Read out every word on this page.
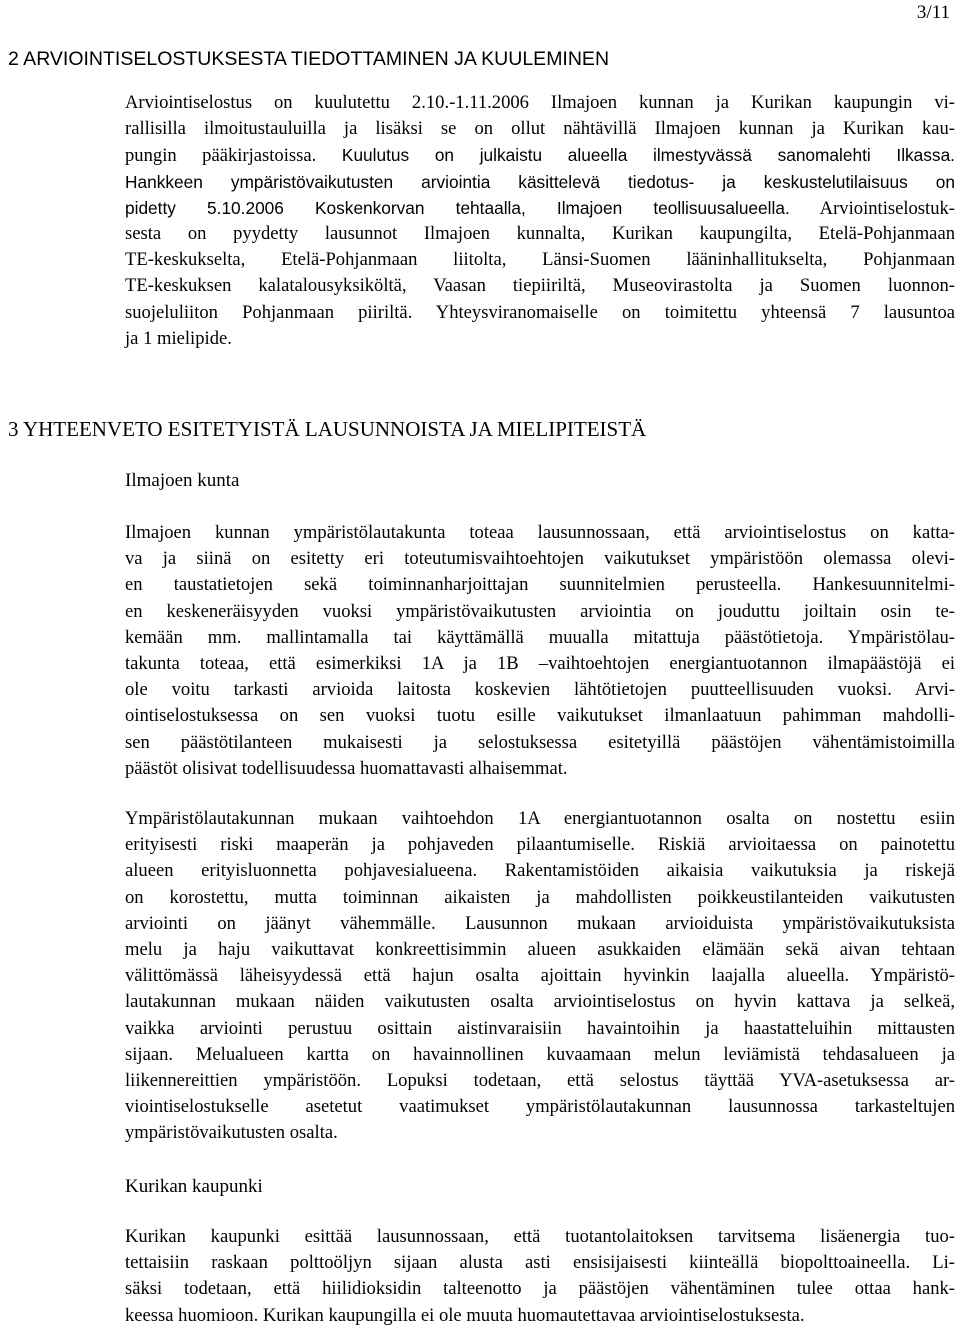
3/11
2 ARVIOINTISELOSTUKSESTA TIEDOTTAMINEN JA KUULEMINEN
Arviointiselostus on kuulutettu 2.10.-1.11.2006 Ilmajoen kunnan ja Kurikan kaupungin vi-
rallisilla ilmoitustauluilla ja lisäksi se on ollut nähtävillä Ilmajoen kunnan ja Kurikan kau-
pungin pääkirjastoissa. Kuulutus on julkaistu alueella ilmestyvässä sanomalehti Ilkassa.
Hankkeen ympäristövaikutusten arviointia käsittelevä tiedotus- ja keskustelutilaisuus on
pidetty 5.10.2006 Koskenkorvan tehtaalla, Ilmajoen teollisuusalueella. Arviointiselostuk-
sesta on pyydetty lausunnot Ilmajoen kunnalta, Kurikan kaupungilta, Etelä-Pohjanmaan
TE-keskukselta, Etelä-Pohjanmaan liitolta, Länsi-Suomen lääninhallitukselta, Pohjanmaan
TE-keskuksen kalatalousyksiköltä, Vaasan tiepiiriltä, Museovirastolta ja Suomen luonnon-
suojeluliiton Pohjanmaan piiriltä. Yhteysviranomaiselle on toimitettu yhteensä 7 lausuntoa
ja 1 mielipide.
3 YHTEENVETO ESITETYISTÄ LAUSUNNOISTA JA MIELIPITEISTÄ
Ilmajoen kunta
Ilmajoen kunnan ympäristölautakunta toteaa lausunnossaan, että arviointiselostus on katta-
va ja siinä on esitetty eri toteutumisvaihtoehtojen vaikutukset ympäristöön olemassa olevi-
en taustatietojen sekä toiminnanharjoittajan suunnitelmien perusteella. Hankesuunnitelmi-
en keskeneräisyyden vuoksi ympäristövaikutusten arviointia on jouduttu joiltain osin te-
kemään mm. mallintamalla tai käyttämällä muualla mitattuja päästötietoja. Ympäristölau-
takunta toteaa, että esimerkiksi 1A ja 1B –vaihtoehtojen energiantuotannon ilmapäästöjä ei
ole voitu tarkasti arvioida laitosta koskevien lähtötietojen puutteellisuuden vuoksi. Arvi-
ointiselostuksessa on sen vuoksi tuotu esille vaikutukset ilmanlaatuun pahimman mahdolli-
sen päästötilanteen mukaisesti ja selostuksessa esitetyillä päästöjen vähentämistoimilla
päästöt olisivat todellisuudessa huomattavasti alhaisemmat.
Ympäristölautakunnan mukaan vaihtoehdon 1A energiantuotannon osalta on nostettu esiin
erityisesti riski maaperän ja pohjaveden pilaantumiselle. Riskiä arvioitaessa on painotettu
alueen erityisluonnetta pohjavesialueena. Rakentamistöiden aikaisia vaikutuksia ja riskejä
on korostettu, mutta toiminnan aikaisten ja mahdollisten poikkeustilanteiden vaikutusten
arviointi on jäänyt vähemmälle. Lausunnon mukaan arvioiduista ympäristövaikutuksista
melu ja haju vaikuttavat konkreettisimmin alueen asukkaiden elämään sekä aivan tehtaan
välittömässä läheisyydessä että hajun osalta ajoittain hyvinkin laajalla alueella. Ympäristö-
lautakunnan mukaan näiden vaikutusten osalta arviointiselostus on hyvin kattava ja selkeä,
vaikka arviointi perustuu osittain aistinvaraisiin havaintoihin ja haastatteluihin mittausten
sijaan. Melualueen kartta on havainnollinen kuvaamaan melun leviämistä tehdasalueen ja
liikennereittien ympäristöön. Lopuksi todetaan, että selostus täyttää YVA-asetuksessa ar-
viointiselostukselle asetetut vaatimukset ympäristölautakunnan lausunnossa tarkasteltujen
ympäristövaikutusten osalta.
Kurikan kaupunki
Kurikan kaupunki esittää lausunnossaan, että tuotantolaitoksen tarvitsema lisäenergia tuo-
tettaisiin raskaan polttoöljyn sijaan alusta asti ensisijaisesti kiinteällä biopolttoaineella. Li-
säksi todetaan, että hiilidioksidin talteenotto ja päästöjen vähentäminen tulee ottaa hank-
keessa huomioon. Kurikan kaupungilla ei ole muuta huomautettavaa arviointiselostuksesta.
